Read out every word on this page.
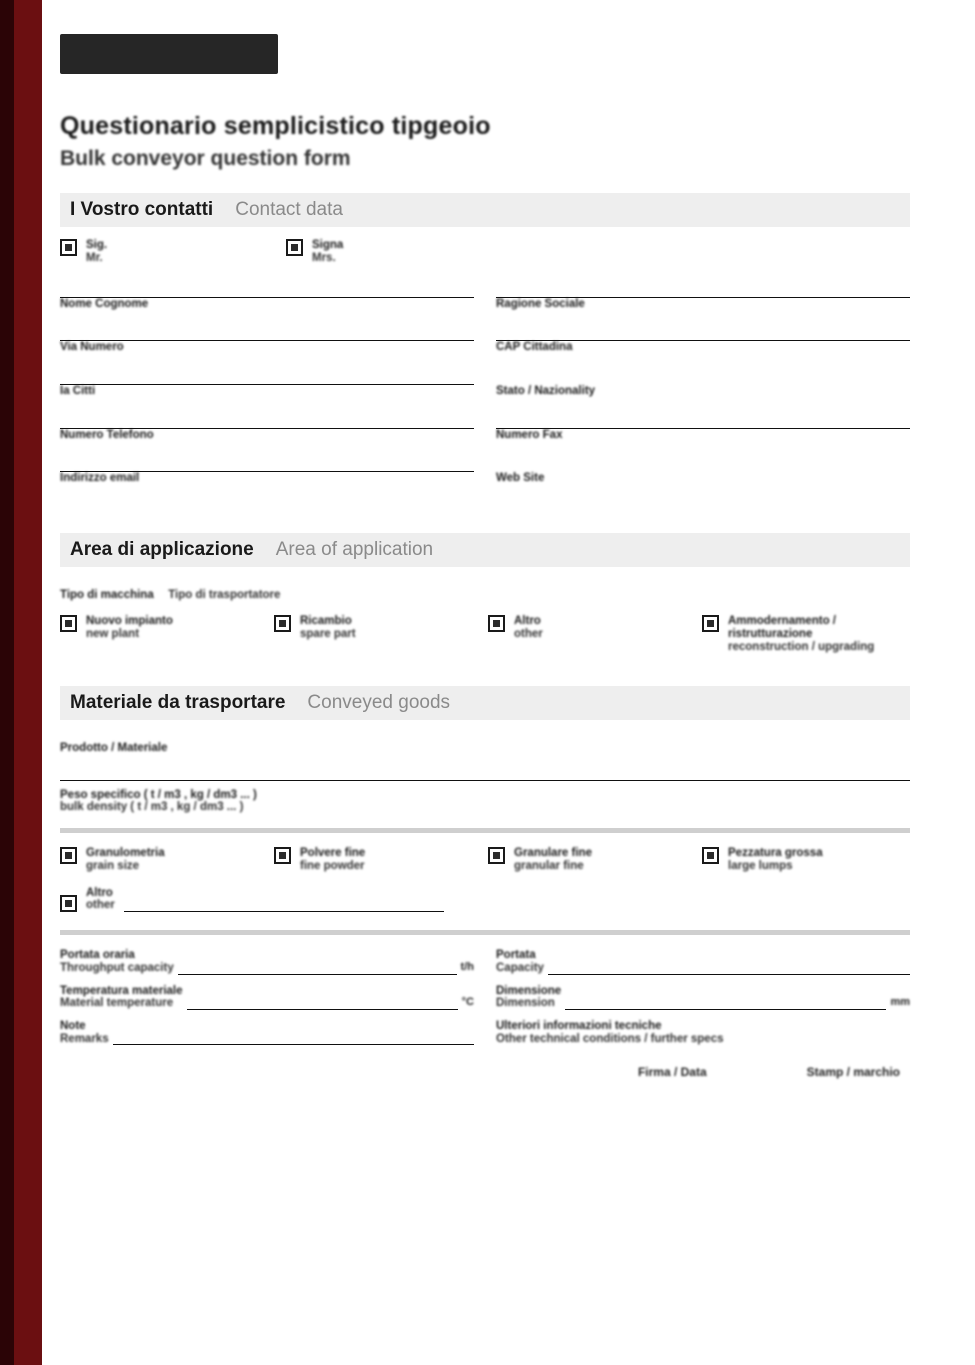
Questionario semplicistico tipgeoio
Bulk conveyor question form
I Vostro contatti Contact data
Sig.
Mr.
Signa
Mrs.
Nome Cognome	Ragione Sociale
Via Numero	CAP Cittadina
Ia Citti	Stato / Nazionality
Numero Telefono	Numero Fax
Indirizzo email	Web Site
Area di applicazione Area of application
Tipo di macchina Tipo di trasportatore
Nuovo impianto
new plant
Ricambio
spare part
Altro
other
Ammodernamento / ristrutturazione
reconstruction / upgrading
Materiale da trasportare Conveyed goods
Prodotto / Materiale
Peso specifico ( t / m3 , kg / dm3 ... )
bulk density ( t / m3 , kg / dm3 ... )
Granulometria
grain size
Polvere fine
fine powder
Granulare fine
granular fine
Pezzatura grossa
large lumps
Altro
other
Portata oraria
Throughput capacity	t/h
Portata
Capacity
Temperatura materiale
Material temperature	°C
Dimensione
Dimension	mm
Note
Remarks
Ulteriori informazioni tecniche
Other technical conditions / further specs
Firma / Data	Stamp / marchio
